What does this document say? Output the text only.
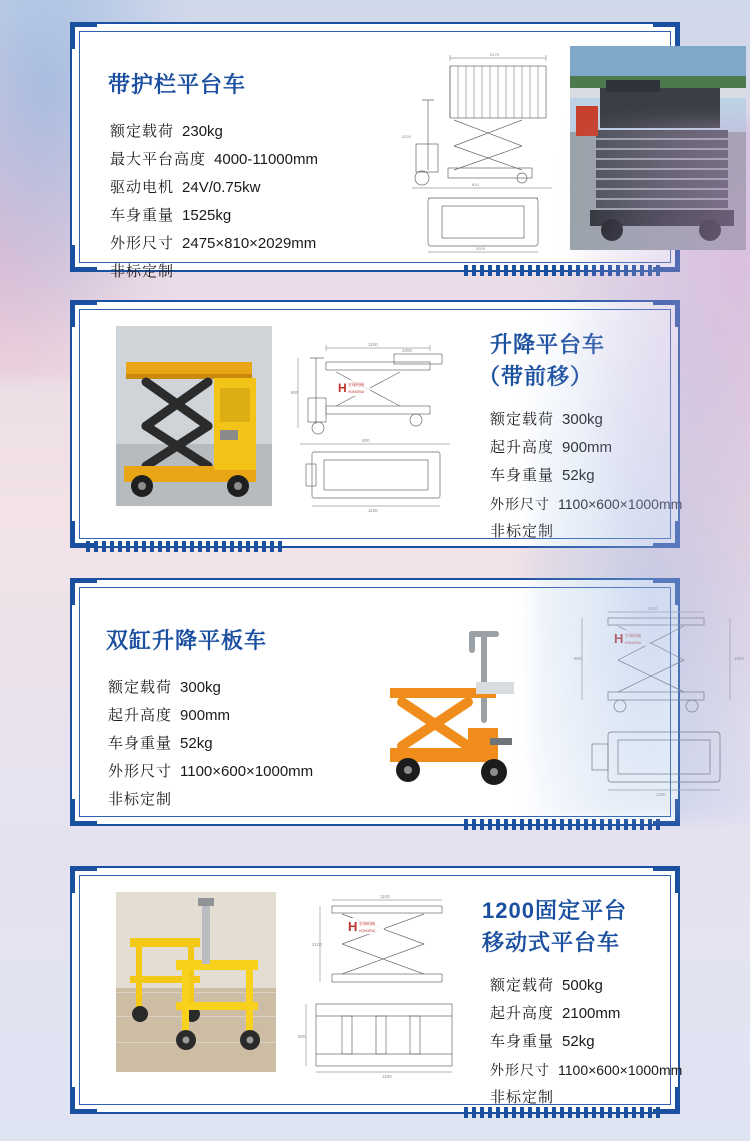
带护栏平台车
额定载荷 230kg
最大平台高度 4000-11000mm
驱动电机 24V/0.75kw
车身重量 1525kg
外形尺寸 2475×810×2029mm
非标定制
2475
810
2029
2029
1100
600
1100
900
1000
H 宏瑞机械
HONGRUI
升降平台车
（带前移）
额定载荷 300kg
起升高度 900mm
车身重量 52kg
外形尺寸 1100×600×1000mm
非标定制
双缸升降平板车
额定载荷 300kg
起升高度 900mm
车身重量 52kg
外形尺寸 1100×600×1000mm
非标定制
1100
900
1100
1000
H 宏瑞机械
HONGRUI
1100
2100
1100
600
H 宏瑞机械
HONGRUI
1200固定平台
移动式平台车
额定载荷 500kg
起升高度 2100mm
车身重量 52kg
外形尺寸 1100×600×1000mm
非标定制
